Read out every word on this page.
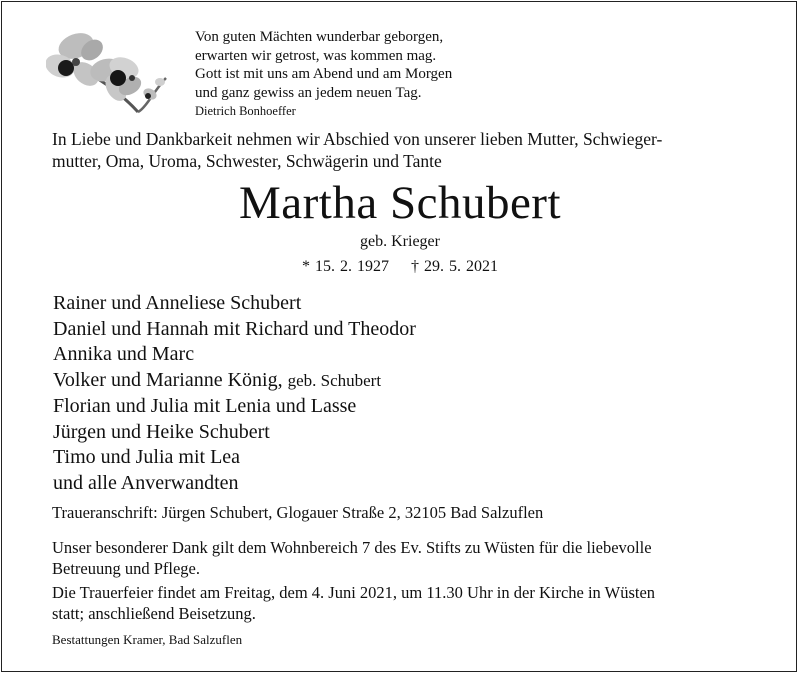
Von guten Mächten wunderbar geborgen,
erwarten wir getrost, was kommen mag.
Gott ist mit uns am Abend und am Morgen
und ganz gewiss an jedem neuen Tag.
Dietrich Bonhoeffer
In Liebe und Dankbarkeit nehmen wir Abschied von unserer lieben Mutter, Schwieger-
mutter, Oma, Uroma, Schwester, Schwägerin und Tante
Martha Schubert
geb. Krieger
* 15. 2. 1927 † 29. 5. 2021
Rainer und Anneliese Schubert
Daniel und Hannah mit Richard und Theodor
Annika und Marc
Volker und Marianne König, geb. Schubert
Florian und Julia mit Lenia und Lasse
Jürgen und Heike Schubert
Timo und Julia mit Lea
und alle Anverwandten
Traueranschrift: Jürgen Schubert, Glogauer Straße 2, 32105 Bad Salzuflen
Unser besonderer Dank gilt dem Wohnbereich 7 des Ev. Stifts zu Wüsten für die liebevolle
Betreuung und Pflege.
Die Trauerfeier findet am Freitag, dem 4. Juni 2021, um 11.30 Uhr in der Kirche in Wüsten
statt; anschließend Beisetzung.
Bestattungen Kramer, Bad Salzuflen
